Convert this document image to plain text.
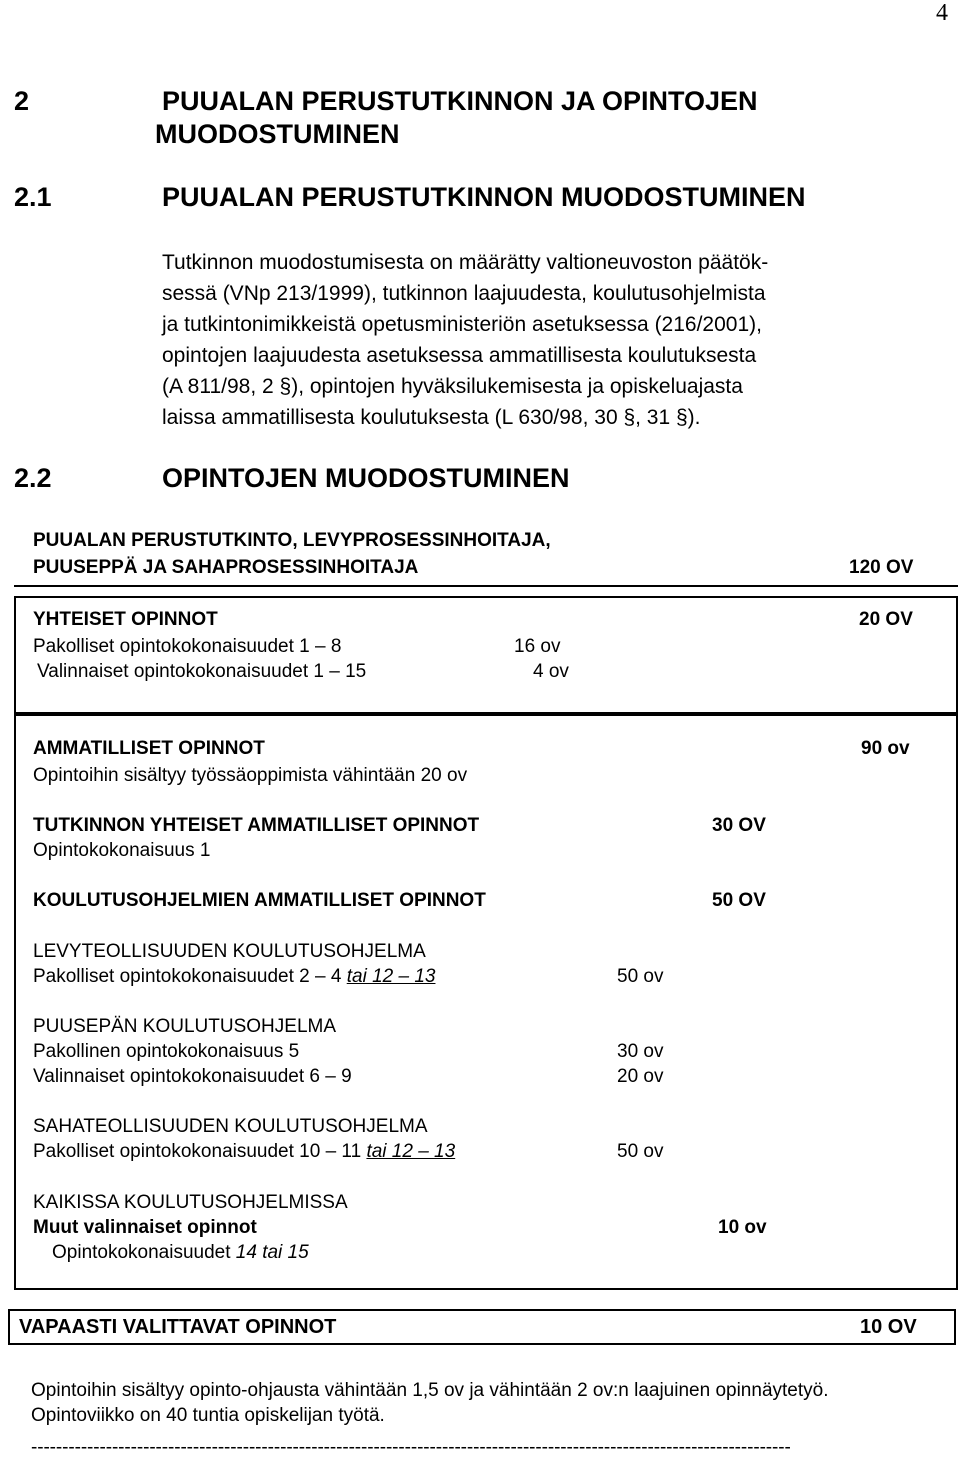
4
2	PUUALAN PERUSTUTKINNON JA OPINTOJEN
MUODOSTUMINEN
2.1	PUUALAN PERUSTUTKINNON MUODOSTUMINEN
Tutkinnon muodostumisesta on määrätty valtioneuvoston päätök-
sessä (VNp 213/1999), tutkinnon laajuudesta, koulutusohjelmista
ja tutkintonimikkeistä opetusministeriön asetuksessa (216/2001),
opintojen laajuudesta asetuksessa ammatillisesta koulutuksesta
(A 811/98, 2 §), opintojen hyväksilukemisesta ja opiskeluajasta
laissa ammatillisesta koulutuksesta (L 630/98, 30 §, 31 §).
2.2	OPINTOJEN MUODOSTUMINEN
PUUALAN PERUSTUTKINTO, LEVYPROSESSINHOITAJA,
PUUSEPPÄ JA SAHAPROSESSINHOITAJA	120 OV
YHTEISET OPINNOT	20 OV
Pakolliset opintokokonaisuudet 1 – 8	16 ov
Valinnaiset opintokokonaisuudet 1 – 15	4 ov
AMMATILLISET OPINNOT	90 ov
Opintoihin sisältyy työssäoppimista vähintään 20 ov
TUTKINNON YHTEISET AMMATILLISET OPINNOT	30 OV
Opintokokonaisuus 1
KOULUTUSOHJELMIEN AMMATILLISET OPINNOT	50 OV
LEVYTEOLLISUUDEN KOULUTUSOHJELMA
Pakolliset opintokokonaisuudet 2 – 4 tai 12 – 13	50 ov
PUUSEPÄN KOULUTUSOHJELMA
Pakollinen opintokokonaisuus 5	30 ov
Valinnaiset opintokokonaisuudet 6 – 9	20 ov
SAHATEOLLISUUDEN KOULUTUSOHJELMA
Pakolliset opintokokonaisuudet 10 – 11 tai 12 – 13	50 ov
KAIKISSA KOULUTUSOHJELMISSA
Muut valinnaiset opinnot	10 ov
Opintokokonaisuudet 14 tai 15
VAPAASTI VALITTAVAT OPINNOT	10 OV
Opintoihin sisältyy opinto-ohjausta vähintään 1,5 ov ja vähintään 2 ov:n laajuinen opinnäytetyö.
Opintoviikko on 40 tuntia opiskelijan työtä.
--------------------------------------------------------------------------------------------------------------------------
